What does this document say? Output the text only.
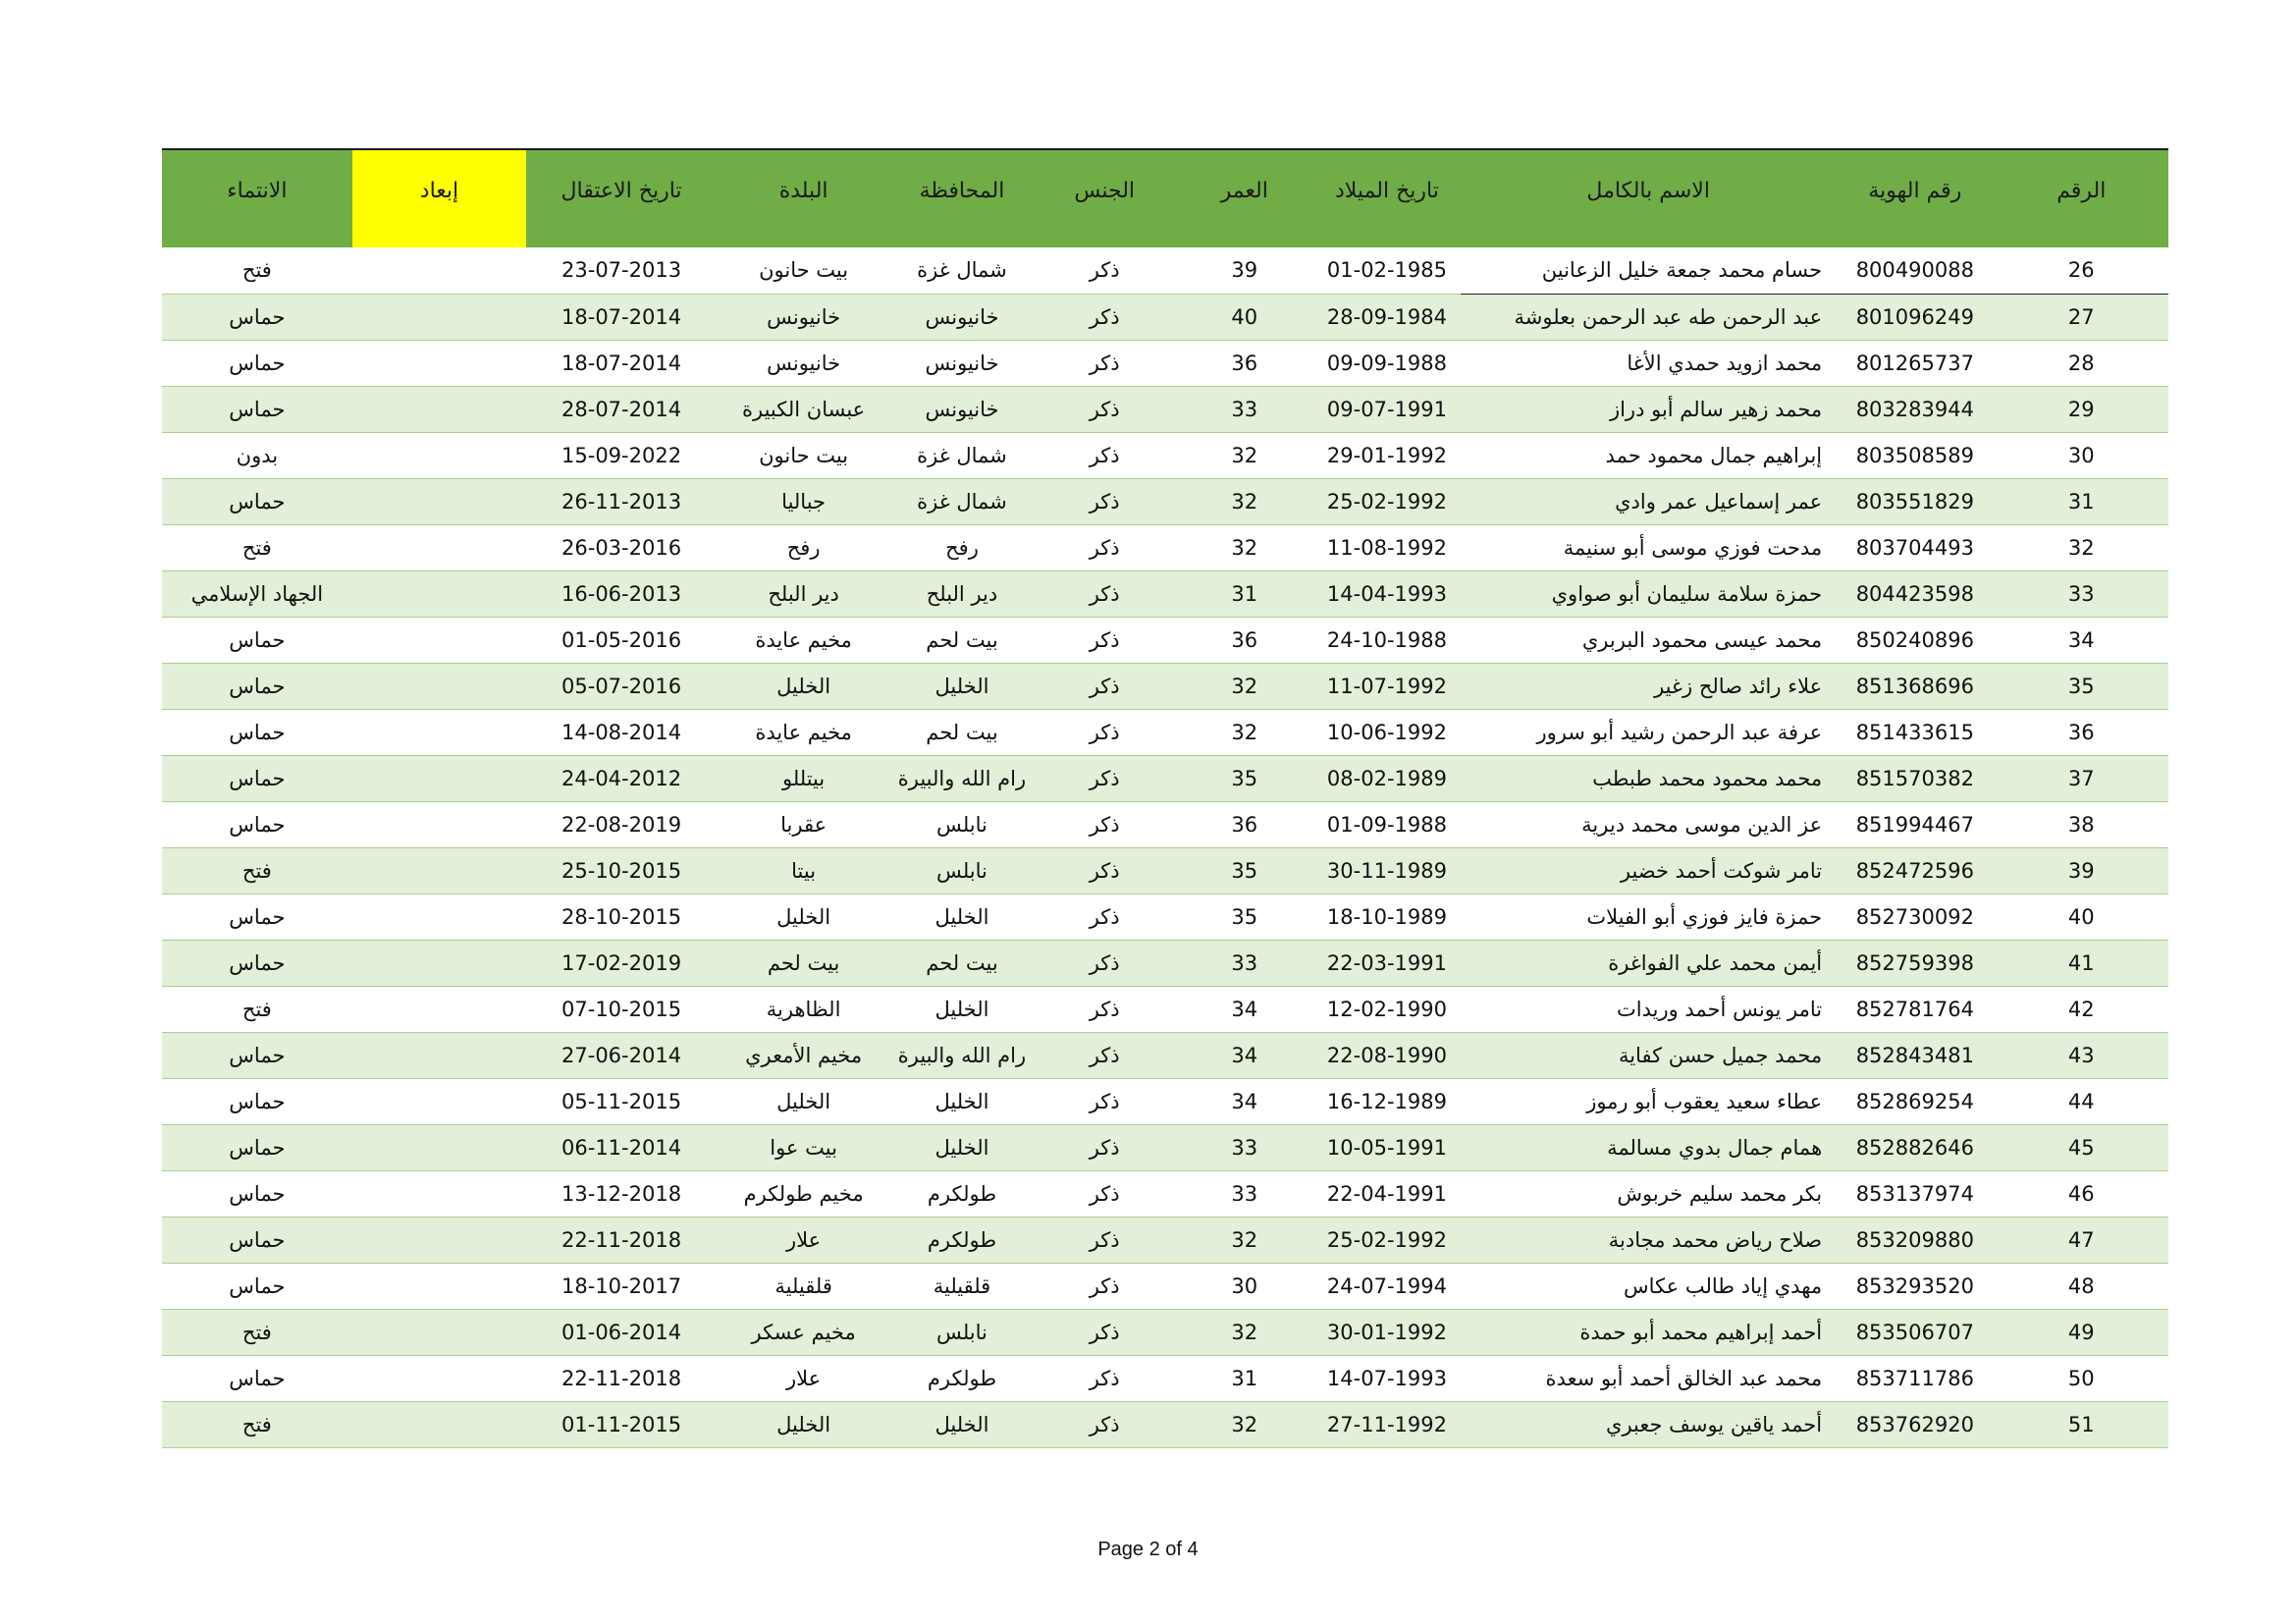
الرقم	رقم الهوية	الاسم بالكامل	تاريخ الميلاد	العمر	الجنس	المحافظة	البلدة	تاريخ الاعتقال	إبعاد	الانتماء
26	800490088	حسام محمد جمعة خليل الزعانين	01-02-1985	39	ذكر	شمال غزة	بيت حانون	23-07-2013		فتح
27	801096249	عبد الرحمن طه عبد الرحمن بعلوشة	28-09-1984	40	ذكر	خانيونس	خانيونس	18-07-2014		حماس
28	801265737	محمد ازويد حمدي الأغا	09-09-1988	36	ذكر	خانيونس	خانيونس	18-07-2014		حماس
29	803283944	محمد زهير سالم أبو دراز	09-07-1991	33	ذكر	خانيونس	عبسان الكبيرة	28-07-2014		حماس
30	803508589	إبراهيم جمال محمود حمد	29-01-1992	32	ذكر	شمال غزة	بيت حانون	15-09-2022		بدون
31	803551829	عمر إسماعيل عمر وادي	25-02-1992	32	ذكر	شمال غزة	جباليا	26-11-2013		حماس
32	803704493	مدحت فوزي موسى أبو سنيمة	11-08-1992	32	ذكر	رفح	رفح	26-03-2016		فتح
33	804423598	حمزة سلامة سليمان أبو صواوي	14-04-1993	31	ذكر	دير البلح	دير البلح	16-06-2013		الجهاد الإسلامي
34	850240896	محمد عيسى محمود البربري	24-10-1988	36	ذكر	بيت لحم	مخيم عايدة	01-05-2016		حماس
35	851368696	علاء رائد صالح زغير	11-07-1992	32	ذكر	الخليل	الخليل	05-07-2016		حماس
36	851433615	عرفة عبد الرحمن رشيد أبو سرور	10-06-1992	32	ذكر	بيت لحم	مخيم عايدة	14-08-2014		حماس
37	851570382	محمد محمود محمد طبطب	08-02-1989	35	ذكر	رام الله والبيرة	بيتللو	24-04-2012		حماس
38	851994467	عز الدين موسى محمد ديرية	01-09-1988	36	ذكر	نابلس	عقربا	22-08-2019		حماس
39	852472596	تامر شوكت أحمد خضير	30-11-1989	35	ذكر	نابلس	بيتا	25-10-2015		فتح
40	852730092	حمزة فايز فوزي أبو الفيلات	18-10-1989	35	ذكر	الخليل	الخليل	28-10-2015		حماس
41	852759398	أيمن محمد علي الفواغرة	22-03-1991	33	ذكر	بيت لحم	بيت لحم	17-02-2019		حماس
42	852781764	تامر يونس أحمد وريدات	12-02-1990	34	ذكر	الخليل	الظاهرية	07-10-2015		فتح
43	852843481	محمد جميل حسن كفاية	22-08-1990	34	ذكر	رام الله والبيرة	مخيم الأمعري	27-06-2014		حماس
44	852869254	عطاء سعيد يعقوب أبو رموز	16-12-1989	34	ذكر	الخليل	الخليل	05-11-2015		حماس
45	852882646	همام جمال بدوي مسالمة	10-05-1991	33	ذكر	الخليل	بيت عوا	06-11-2014		حماس
46	853137974	بكر محمد سليم خربوش	22-04-1991	33	ذكر	طولكرم	مخيم طولكرم	13-12-2018		حماس
47	853209880	صلاح رياض محمد مجادبة	25-02-1992	32	ذكر	طولكرم	علار	22-11-2018		حماس
48	853293520	مهدي إياد طالب عكاس	24-07-1994	30	ذكر	قلقيلية	قلقيلية	18-10-2017		حماس
49	853506707	أحمد إبراهيم محمد أبو حمدة	30-01-1992	32	ذكر	نابلس	مخيم عسكر	01-06-2014		فتح
50	853711786	محمد عبد الخالق أحمد أبو سعدة	14-07-1993	31	ذكر	طولكرم	علار	22-11-2018		حماس
51	853762920	أحمد ياقين يوسف جعبري	27-11-1992	32	ذكر	الخليل	الخليل	01-11-2015		فتح
Page 2 of 4
